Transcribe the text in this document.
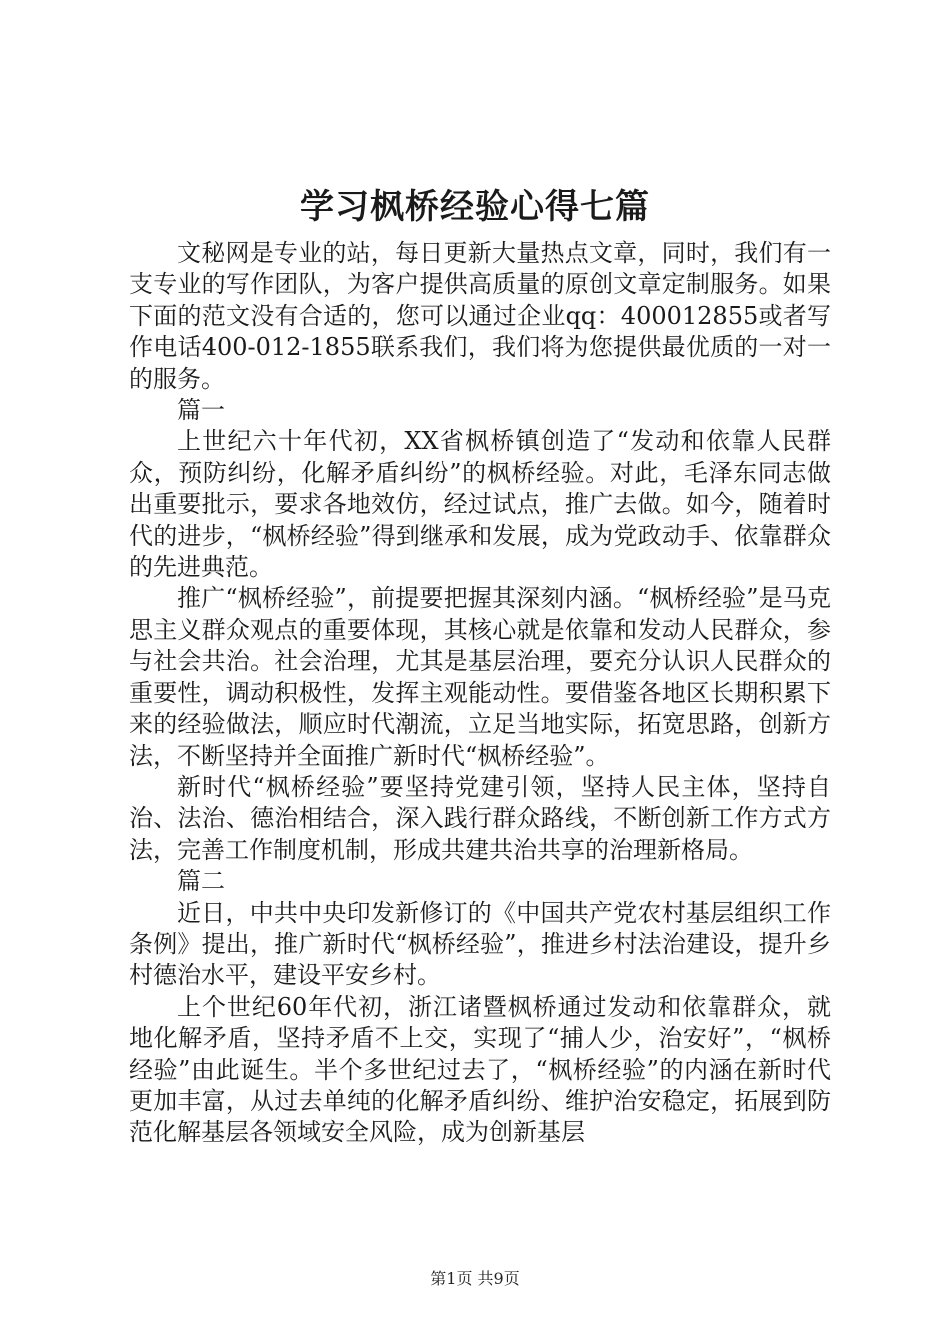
学习枫桥经验心得七篇

文秘网是专业的站，每日更新大量热点文章，同时，我们有一支专业的写作团队，为客户提供高质量的原创文章定制服务。如果下面的范文没有合适的，您可以通过企业qq：400012855或者写作电话400-012-1855联系我们，我们将为您提供最优质的一对一的服务。

篇一

上世纪六十年代初，XX省枫桥镇创造了“发动和依靠人民群众，预防纠纷，化解矛盾纠纷”的枫桥经验。对此，毛泽东同志做出重要批示，要求各地效仿，经过试点，推广去做。如今，随着时代的进步，“枫桥经验”得到继承和发展，成为党政动手、依靠群众的先进典范。

推广“枫桥经验”，前提要把握其深刻内涵。“枫桥经验”是马克思主义群众观点的重要体现，其核心就是依靠和发动人民群众，参与社会共治。社会治理，尤其是基层治理，要充分认识人民群众的重要性，调动积极性，发挥主观能动性。要借鉴各地区长期积累下来的经验做法，顺应时代潮流，立足当地实际，拓宽思路，创新方法，不断坚持并全面推广新时代“枫桥经验”。

新时代“枫桥经验”要坚持党建引领，坚持人民主体，坚持自治、法治、德治相结合，深入践行群众路线，不断创新工作方式方法，完善工作制度机制，形成共建共治共享的治理新格局。

篇二

近日，中共中央印发新修订的《中国共产党农村基层组织工作条例》提出，推广新时代“枫桥经验”，推进乡村法治建设，提升乡村德治水平，建设平安乡村。

上个世纪60年代初，浙江诸暨枫桥通过发动和依靠群众，就地化解矛盾，坚持矛盾不上交，实现了“捕人少，治安好”，“枫桥经验”由此诞生。半个多世纪过去了，“枫桥经验”的内涵在新时代更加丰富，从过去单纯的化解矛盾纠纷、维护治安稳定，拓展到防范化解基层各领域安全风险，成为创新基层

第1页 共9页
